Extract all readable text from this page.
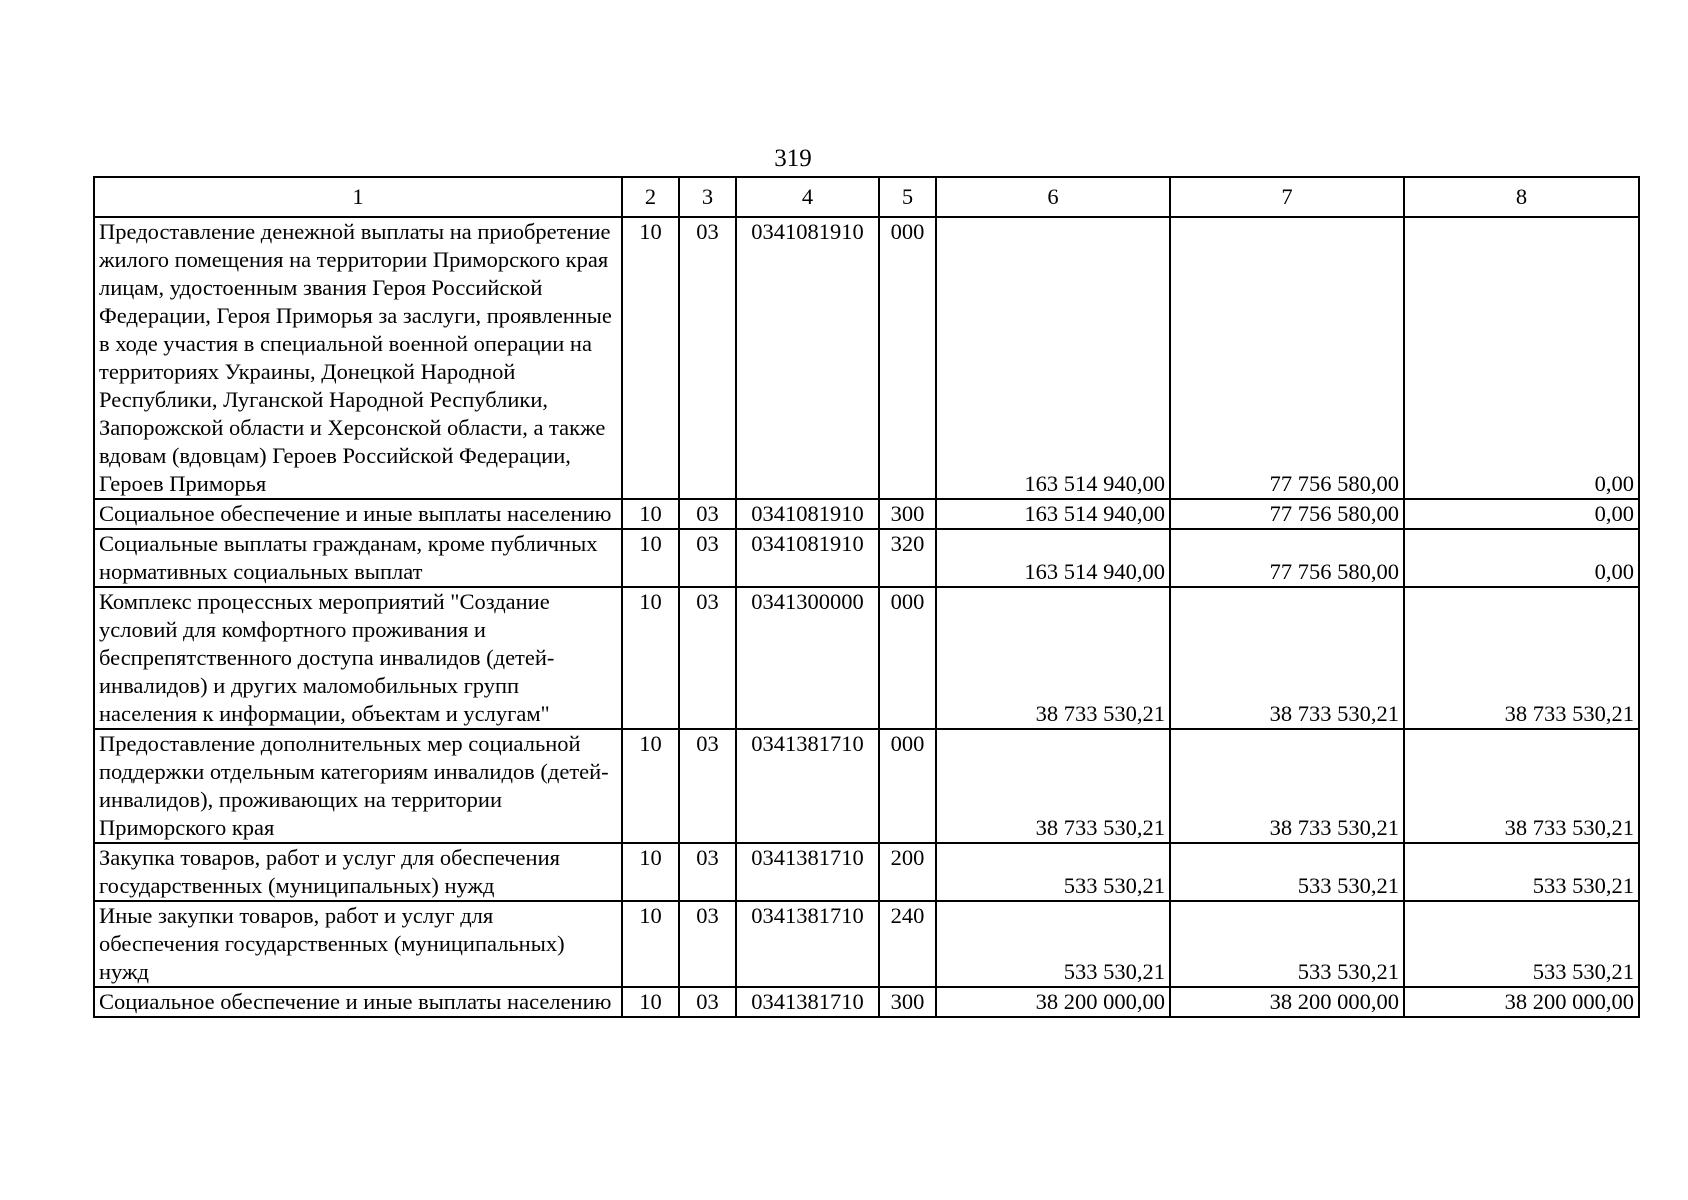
319
1	2	3	4	5	6	7	8
Предоставление денежной выплаты на приобретение жилого помещения на территории Приморского края лицам, удостоенным звания Героя Российской Федерации, Героя Приморья за заслуги, проявленные в ходе участия в специальной военной операции на территориях Украины, Донецкой Народной Республики, Луганской Народной Республики, Запорожской области и Херсонской области, а также вдовам (вдовцам) Героев Российской Федерации, Героев Приморья	10	03	0341081910	000	163 514 940,00	77 756 580,00	0,00
Социальное обеспечение и иные выплаты населению	10	03	0341081910	300	163 514 940,00	77 756 580,00	0,00
Социальные выплаты гражданам, кроме публичных нормативных социальных выплат	10	03	0341081910	320	163 514 940,00	77 756 580,00	0,00
Комплекс процессных мероприятий "Создание условий для комфортного проживания и беспрепятственного доступа инвалидов (детей-инвалидов) и других маломобильных групп населения к информации, объектам и услугам"	10	03	0341300000	000	38 733 530,21	38 733 530,21	38 733 530,21
Предоставление дополнительных мер социальной поддержки отдельным категориям инвалидов (детей-инвалидов), проживающих на территории Приморского края	10	03	0341381710	000	38 733 530,21	38 733 530,21	38 733 530,21
Закупка товаров, работ и услуг для обеспечения государственных (муниципальных) нужд	10	03	0341381710	200	533 530,21	533 530,21	533 530,21
Иные закупки товаров, работ и услуг для обеспечения государственных (муниципальных) нужд	10	03	0341381710	240	533 530,21	533 530,21	533 530,21
Социальное обеспечение и иные выплаты населению	10	03	0341381710	300	38 200 000,00	38 200 000,00	38 200 000,00
